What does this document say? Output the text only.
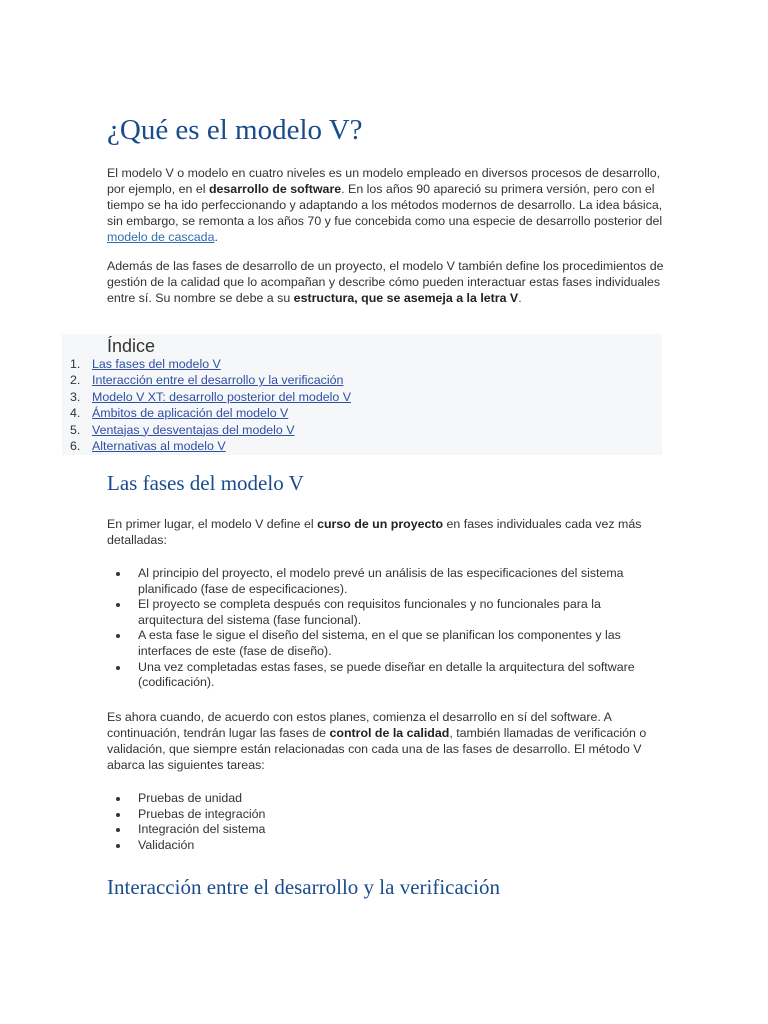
¿Qué es el modelo V?

El modelo V o modelo en cuatro niveles es un modelo empleado en diversos procesos de desarrollo, por ejemplo, en el desarrollo de software. En los años 90 apareció su primera versión, pero con el tiempo se ha ido perfeccionando y adaptando a los métodos modernos de desarrollo. La idea básica, sin embargo, se remonta a los años 70 y fue concebida como una especie de desarrollo posterior del modelo de cascada.

Además de las fases de desarrollo de un proyecto, el modelo V también define los procedimientos de gestión de la calidad que lo acompañan y describe cómo pueden interactuar estas fases individuales entre sí. Su nombre se debe a su estructura, que se asemeja a la letra V.

Índice
1. Las fases del modelo V
2. Interacción entre el desarrollo y la verificación
3. Modelo V XT: desarrollo posterior del modelo V
4. Ámbitos de aplicación del modelo V
5. Ventajas y desventajas del modelo V
6. Alternativas al modelo V
Las fases del modelo V

En primer lugar, el modelo V define el curso de un proyecto en fases individuales cada vez más detalladas:

Al principio del proyecto, el modelo prevé un análisis de las especificaciones del sistema planificado (fase de especificaciones).
El proyecto se completa después con requisitos funcionales y no funcionales para la arquitectura del sistema (fase funcional).
A esta fase le sigue el diseño del sistema, en el que se planifican los componentes y las interfaces de este (fase de diseño).
Una vez completadas estas fases, se puede diseñar en detalle la arquitectura del software (codificación).

Es ahora cuando, de acuerdo con estos planes, comienza el desarrollo en sí del software. A continuación, tendrán lugar las fases de control de la calidad, también llamadas de verificación o validación, que siempre están relacionadas con cada una de las fases de desarrollo. El método V abarca las siguientes tareas:

Pruebas de unidad
Pruebas de integración
Integración del sistema
Validación
Interacción entre el desarrollo y la verificación
